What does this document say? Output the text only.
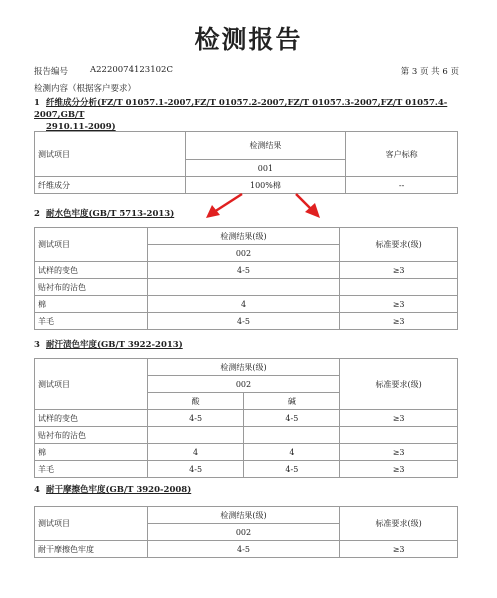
检测报告
报告编号	A2220074123102C	第 3 页 共 6 页
检测内容（根据客户要求）
1 纤维成分分析(FZ/T 01057.1-2007,FZ/T 01057.2-2007,FZ/T 01057.3-2007,FZ/T 01057.4-2007,GB/T
2910.11-2009)
测试项目	检测结果	客户标称
	001	
纤维成分	100%棉	--
2 耐水色牢度(GB/T 5713-2013)
测试项目	检测结果(级)	标准要求(级)
	002	
试样的变色	4-5	≥3
贴衬布的沾色		
棉	4	≥3
羊毛	4-5	≥3
3 耐汗渍色牢度(GB/T 3922-2013)
测试项目	检测结果(级)		标准要求(级)
	002		
	酸	碱	
试样的变色	4-5	4-5	≥3
贴衬布的沾色			
棉	4	4	≥3
羊毛	4-5	4-5	≥3
4 耐干摩擦色牢度(GB/T 3920-2008)
测试项目	检测结果(级)	标准要求(级)
	002	
耐干摩擦色牢度	4-5	≥3
